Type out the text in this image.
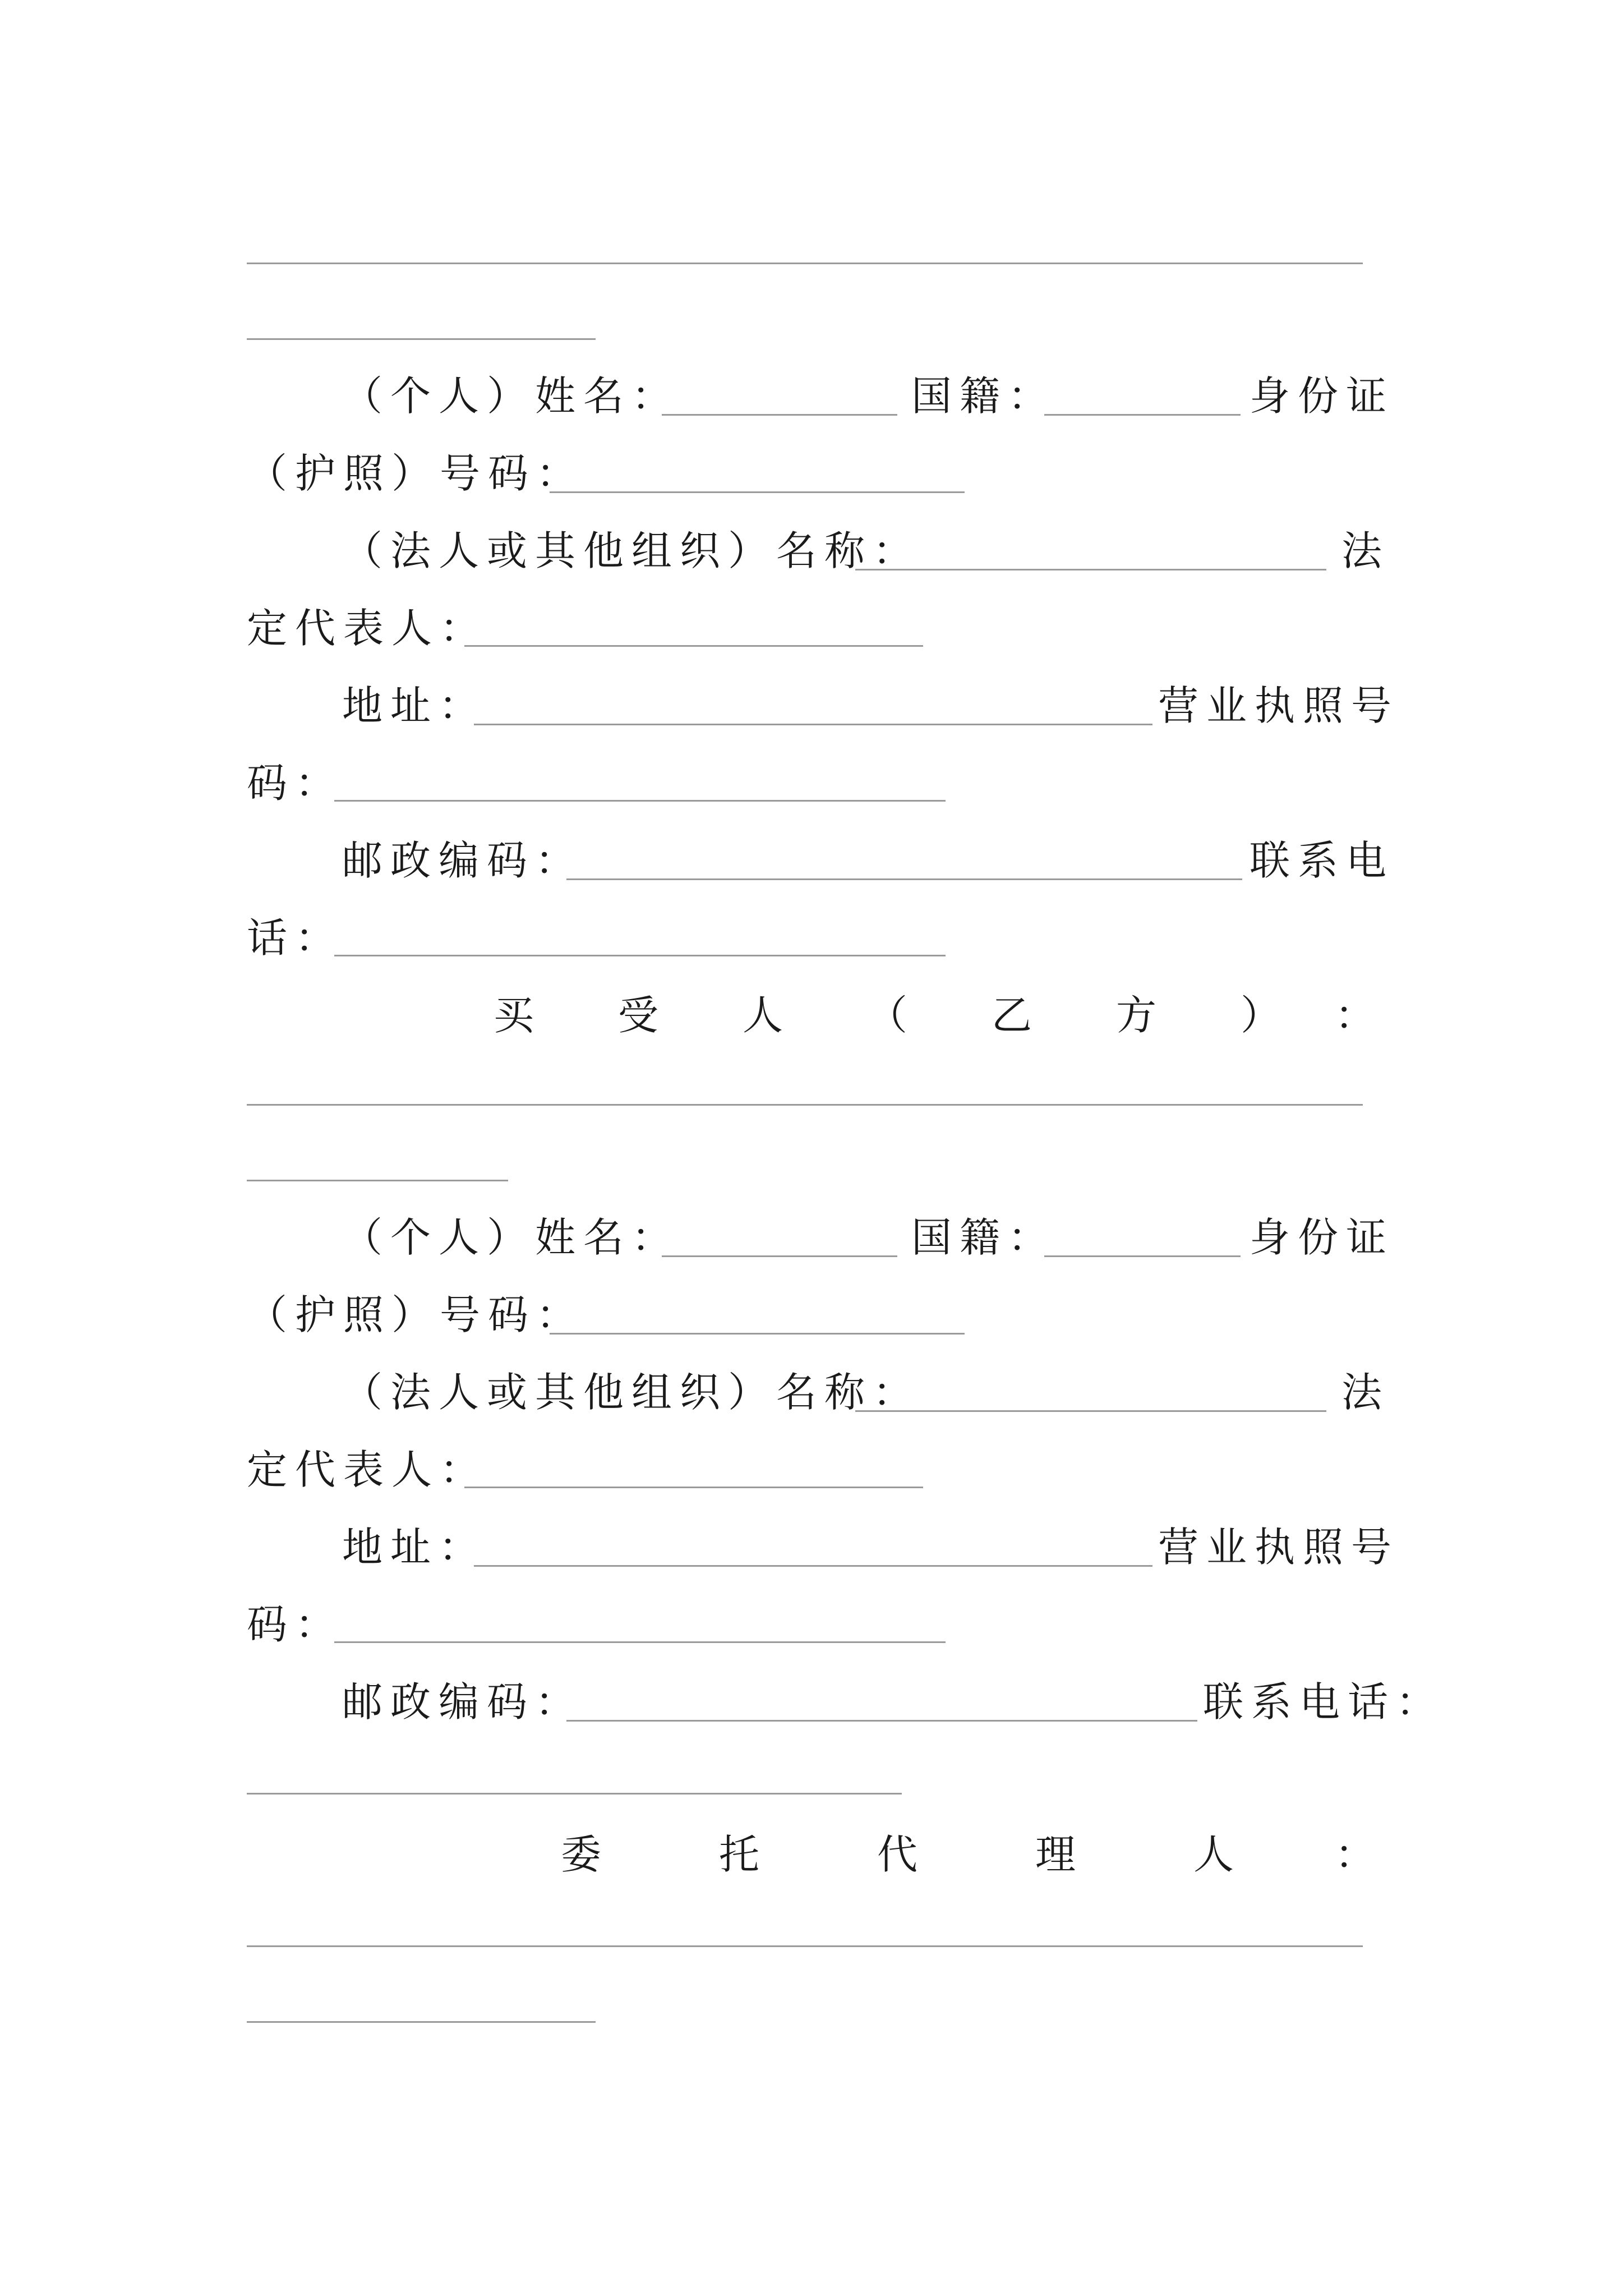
（个人）姓名：	国籍：	身份证
（护照）号码：
（法人或其他组织）名称：	法
定代表人：
地址：	营业执照号
码：
邮政编码：	联系电
话：
买 受 人 （ 乙 方 ） ：
（个人）姓名：	国籍：	身份证
（护照）号码：
（法人或其他组织）名称：	法
定代表人：
地址：	营业执照号
码：
邮政编码：	联系电话：
委	托	代	理	人 ：
